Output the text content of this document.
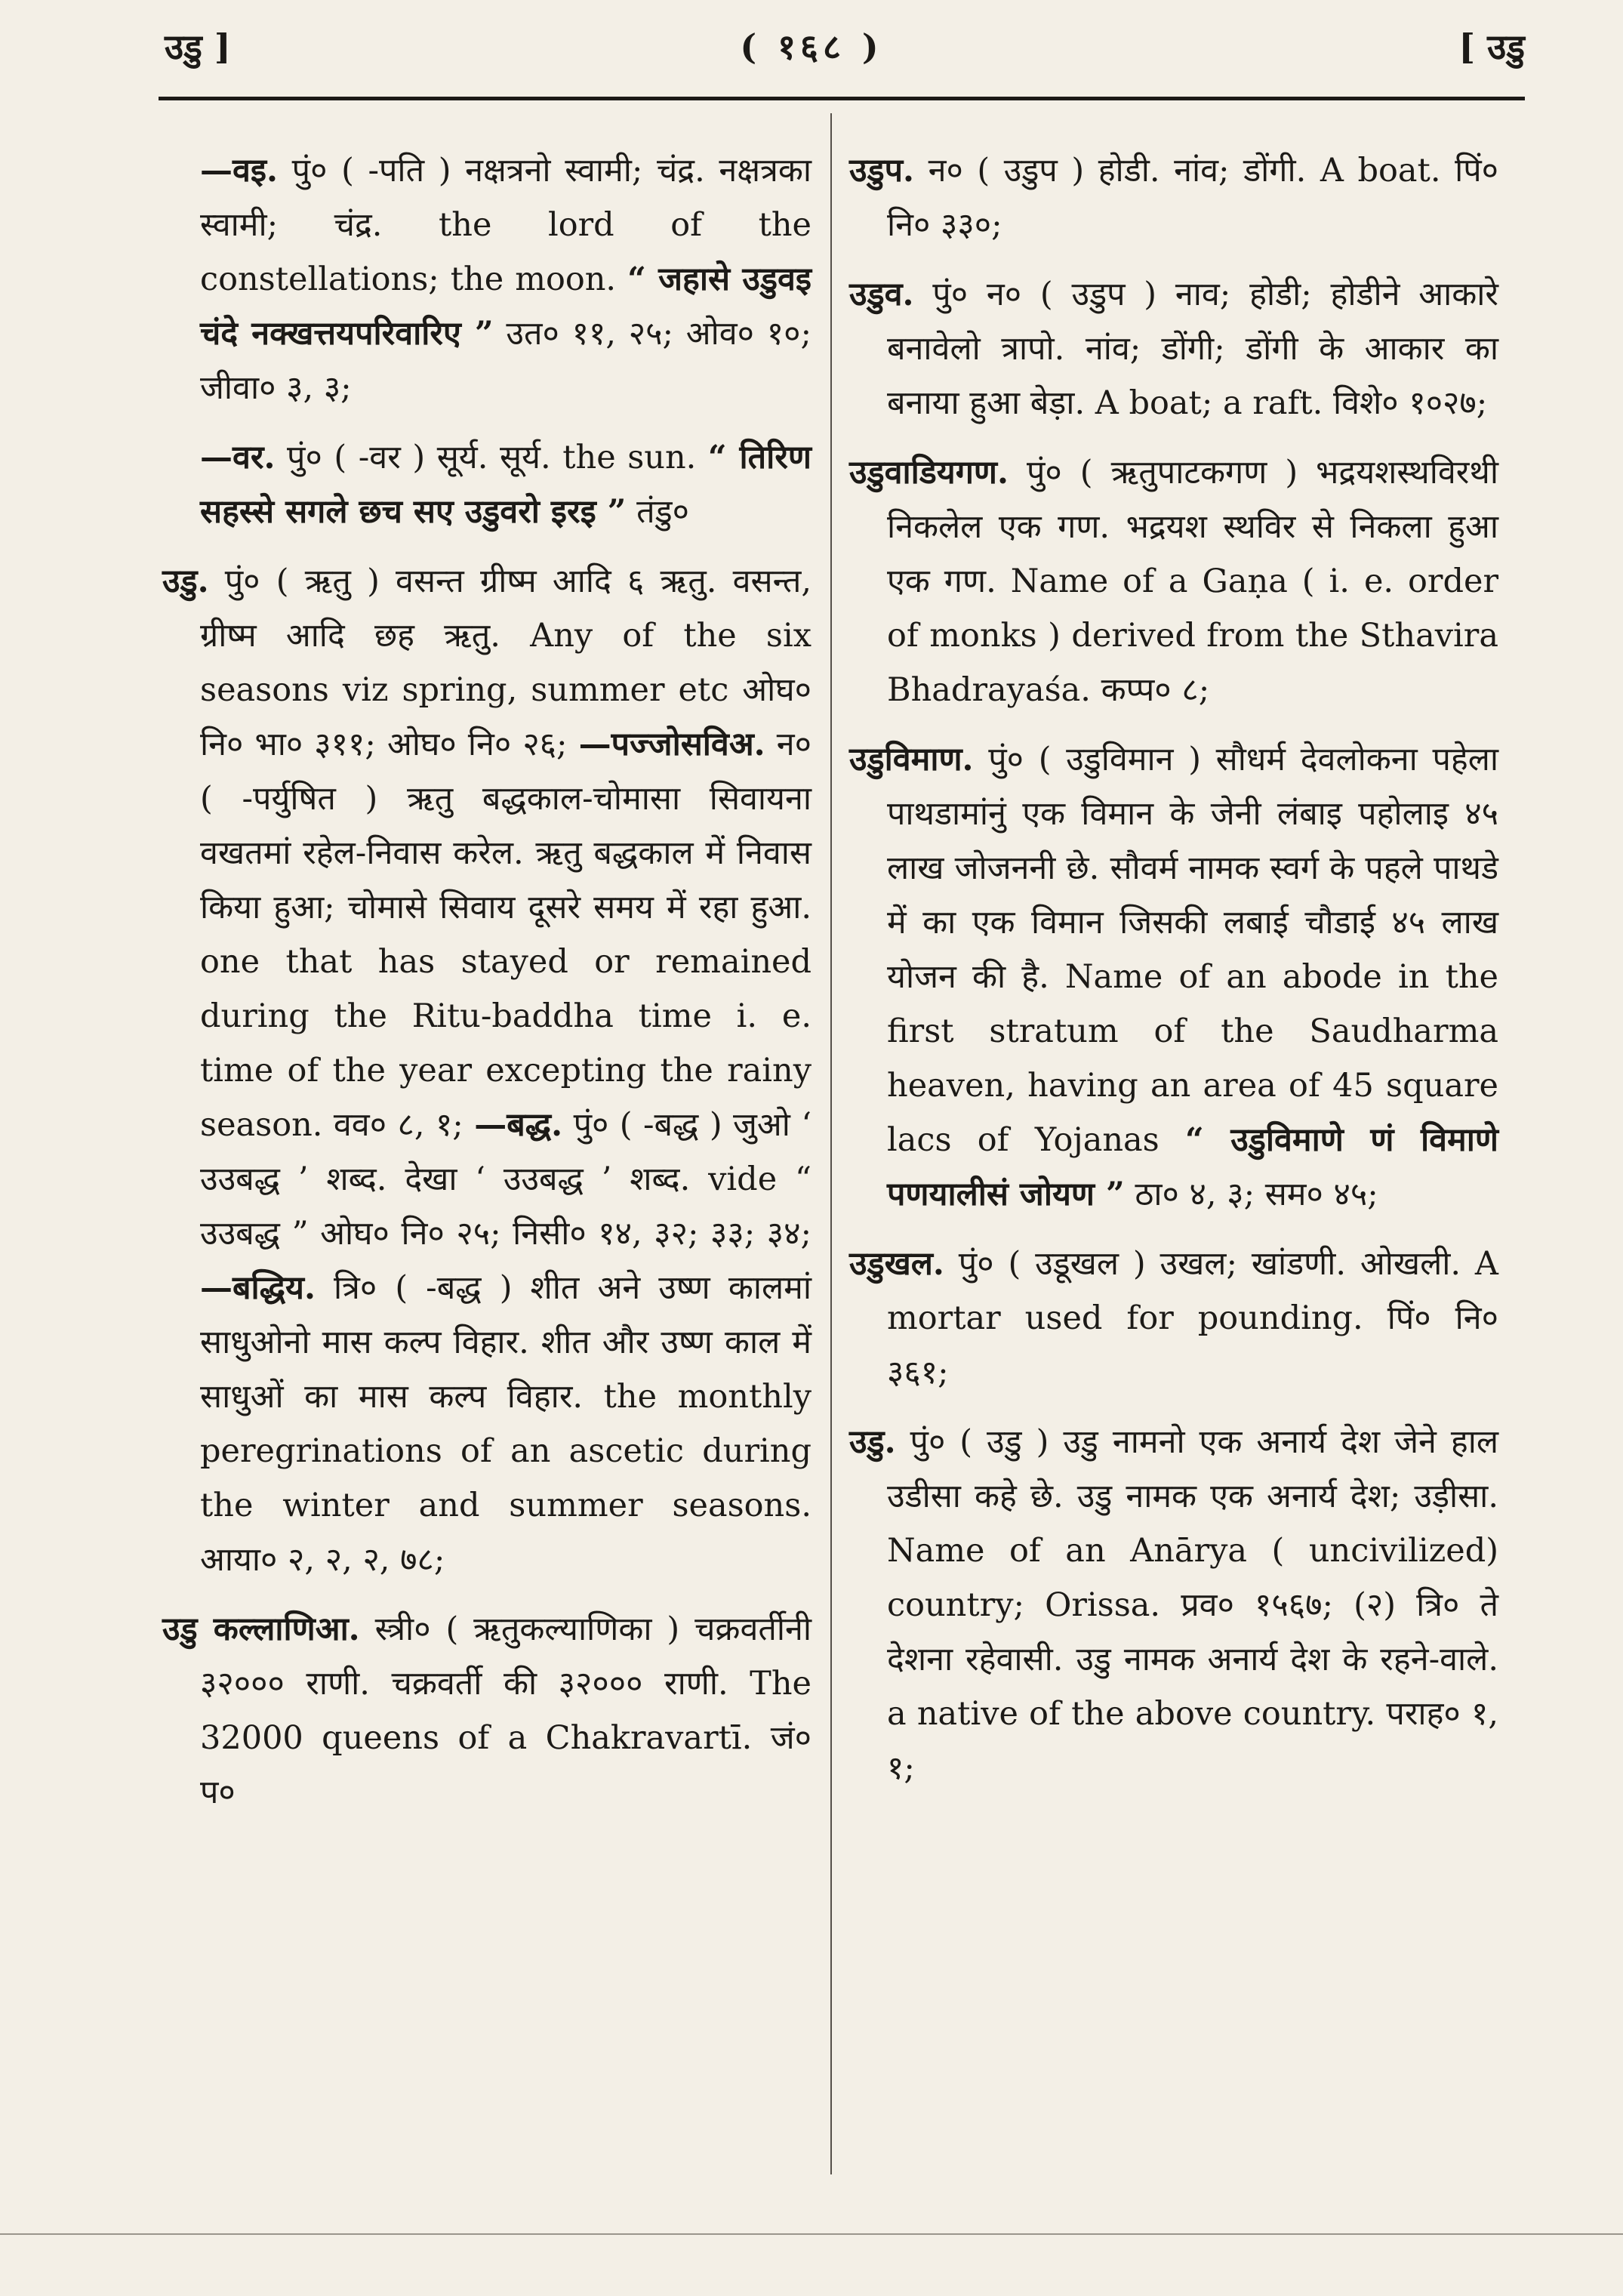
उडु ]	( १६८ )	[ उडु

—वइ. पुं० ( -पति ) नक्षत्रनो स्वामी; चंद्र. नक्षत्रका स्वामी; चंद्र. the lord of the constellations; the moon. “ जहासे उडुवइ चंदे नक्खत्तयपरिवारिए ” उत० ११, २५; ओव० १०; जीवा० ३, ३;

—वर. पुं० ( -वर ) सूर्य. सूर्य. the sun. “ तिरिण सहस्से सगले छच सए उडुवरो इरइ ” तंडु०

उडु. पुं० ( ऋतु ) वसन्त ग्रीष्म आदि ६ ऋतु. वसन्त, ग्रीष्म आदि छह ऋतु. Any of the six seasons viz spring, summer etc ओघ० नि० भा० ३११; ओघ० नि० २६; —पज्जोसविअ. न० ( -पर्युषित ) ऋतु बद्धकाल-चोमासा सिवायना वखतमां रहेल-निवास करेल. ऋतु बद्धकाल में निवास किया हुआ; चोमासे सिवाय दूसरे समय में रहा हुआ. one that has stayed or remained during the Ritu-baddha time i. e. time of the year excepting the rainy season. वव० ८, १; —बद्ध. पुं० ( -बद्ध ) जुओ ‘ उउबद्ध ’ शब्द. देखा ‘ उउबद्ध ’ शब्द. vide “ उउबद्ध ” ओघ० नि० २५; निसी० १४, ३२; ३३; ३४; —बद्धिय. त्रि० ( -बद्ध ) शीत अने उष्ण कालमां साधुओनो मास कल्प विहार. शीत और उष्ण काल में साधुओं का मास कल्प विहार. the monthly peregrinations of an ascetic during the winter and summer seasons. आया० २, २, २, ७८;

उडु कल्लाणिआ. स्त्री० ( ऋतुकल्याणिका ) चक्रवर्तीनी ३२००० राणी. चक्रवर्ती की ३२००० राणी. The 32000 queens of a Chakravartī. जं० प०

उडुप. न० ( उडुप ) होडी. नांव; डोंगी. A boat. पिं० नि० ३३०;

उडुव. पुं० न० ( उडुप ) नाव; होडी; होडीने आकारे बनावेलो त्रापो. नांव; डोंगी; डोंगी के आकार का बनाया हुआ बेड़ा. A boat; a raft. विशे० १०२७;

उडुवाडियगण. पुं० ( ऋतुपाटकगण ) भद्रयशस्थविरथी निकलेल एक गण. भद्रयश स्थविर से निकला हुआ एक गण. Name of a Gaṇa ( i. e. order of monks ) derived from the Sthavira Bhadrayaśa. कप्प० ८;

उडुविमाण. पुं० ( उडुविमान ) सौधर्म देवलोकना पहेला पाथडामांनुं एक विमान के जेनी लंबाइ पहोलाइ ४५ लाख जोजननी छे. सौवर्म नामक स्वर्ग के पहले पाथडे में का एक विमान जिसकी लबाई चौडाई ४५ लाख योजन की है. Name of an abode in the first stratum of the Saudharma heaven, having an area of 45 square lacs of Yojanas “ उडुविमाणे णं विमाणे पणयालीसं जोयण ” ठा० ४, ३; सम० ४५;

उडुखल. पुं० ( उडूखल ) उखल; खांडणी. ओखली. A mortar used for pounding. पिं० नि० ३६१;

उडु. पुं० ( उडु ) उडु नामनो एक अनार्य देश जेने हाल उडीसा कहे छे. उडु नामक एक अनार्य देश; उड़ीसा. Name of an Anārya ( uncivilized) country; Orissa. प्रव० १५६७; (२) त्रि० ते देशना रहेवासी. उडु नामक अनार्य देश के रहने-वाले. a native of the above country. पराह० १, १;
